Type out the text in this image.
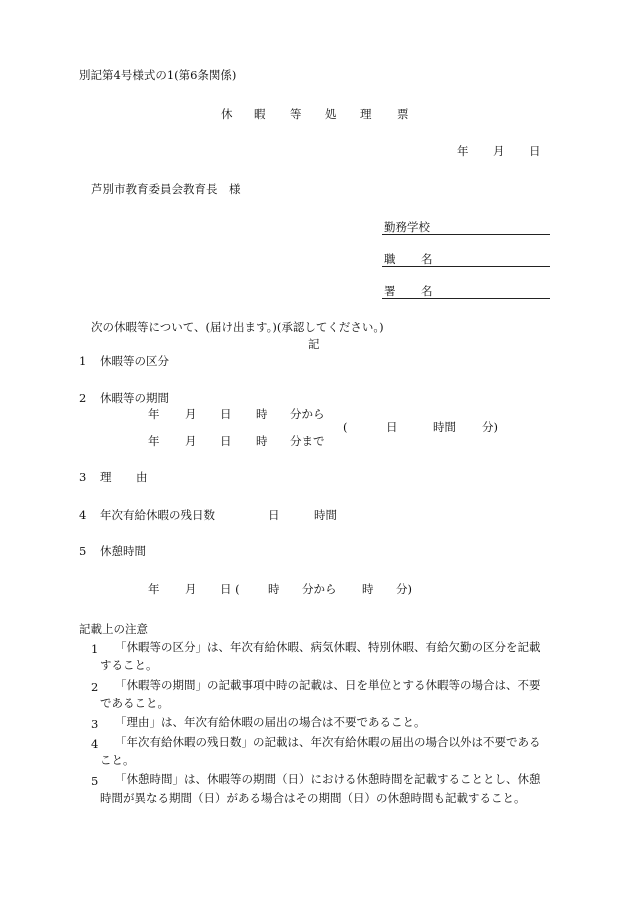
別記第4号様式の1(第6条関係)
休 暇 等 処 理 票
年 月 日
芦別市教育委員会教育長　様
勤務学校
職 名
署 名
次の休暇等について、(届け出ます。)(承認してください。)
記
1 休暇等の区分
2 休暇等の期間
年 月 日 時 分から
(	日	時間 分)
年 月 日 時 分まで
3 理 由
4 年次有給休暇の残日数	日	時間
5 休憩時間
年 月 日 ( 時 分から 時 分)
記載上の注意
1 「休暇等の区分」は、年次有給休暇、病気休暇、特別休暇、有給欠勤の区分を記載
すること。
2 「休暇等の期間」の記載事項中時の記載は、日を単位とする休暇等の場合は、不要
であること。
3 「理由」は、年次有給休暇の届出の場合は不要であること。
4 「年次有給休暇の残日数」の記載は、年次有給休暇の届出の場合以外は不要である
こと。
5 「休憩時間」は、休暇等の期間（日）における休憩時間を記載することとし、休憩
時間が異なる期間（日）がある場合はその期間（日）の休憩時間も記載すること。
